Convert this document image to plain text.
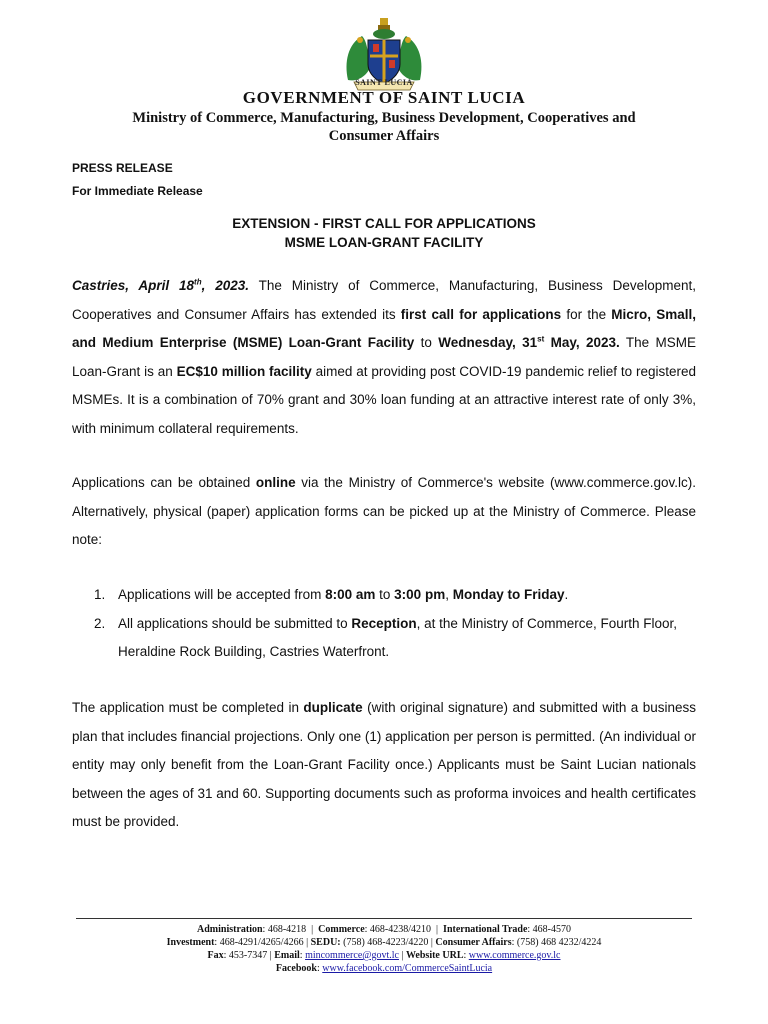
SAINT LUCIA
GOVERNMENT OF SAINT LUCIA
Ministry of Commerce, Manufacturing, Business Development, Cooperatives and
Consumer Affairs
PRESS RELEASE
For Immediate Release
EXTENSION - FIRST CALL FOR APPLICATIONS
MSME LOAN-GRANT FACILITY
Castries, April 18th, 2023. The Ministry of Commerce, Manufacturing, Business Development, Cooperatives and Consumer Affairs has extended its first call for applications for the Micro, Small, and Medium Enterprise (MSME) Loan-Grant Facility to Wednesday, 31st May, 2023. The MSME Loan-Grant is an EC$10 million facility aimed at providing post COVID-19 pandemic relief to registered MSMEs. It is a combination of 70% grant and 30% loan funding at an attractive interest rate of only 3%, with minimum collateral requirements.
Applications can be obtained online via the Ministry of Commerce's website (www.commerce.gov.lc). Alternatively, physical (paper) application forms can be picked up at the Ministry of Commerce. Please note:
1. Applications will be accepted from 8:00 am to 3:00 pm, Monday to Friday.
2. All applications should be submitted to Reception, at the Ministry of Commerce, Fourth Floor, Heraldine Rock Building, Castries Waterfront.
The application must be completed in duplicate (with original signature) and submitted with a business plan that includes financial projections. Only one (1) application per person is permitted. (An individual or entity may only benefit from the Loan-Grant Facility once.) Applicants must be Saint Lucian nationals between the ages of 31 and 60. Supporting documents such as proforma invoices and health certificates must be provided.
Administration: 468-4218 | Commerce: 468-4238/4210 | International Trade: 468-4570
Investment: 468-4291/4265/4266 | SEDU: (758) 468-4223/4220 | Consumer Affairs: (758) 468 4232/4224
Fax: 453-7347 | Email: mincommerce@govt.lc | Website URL: www.commerce.gov.lc
Facebook: www.facebook.com/CommerceSaintLucia
